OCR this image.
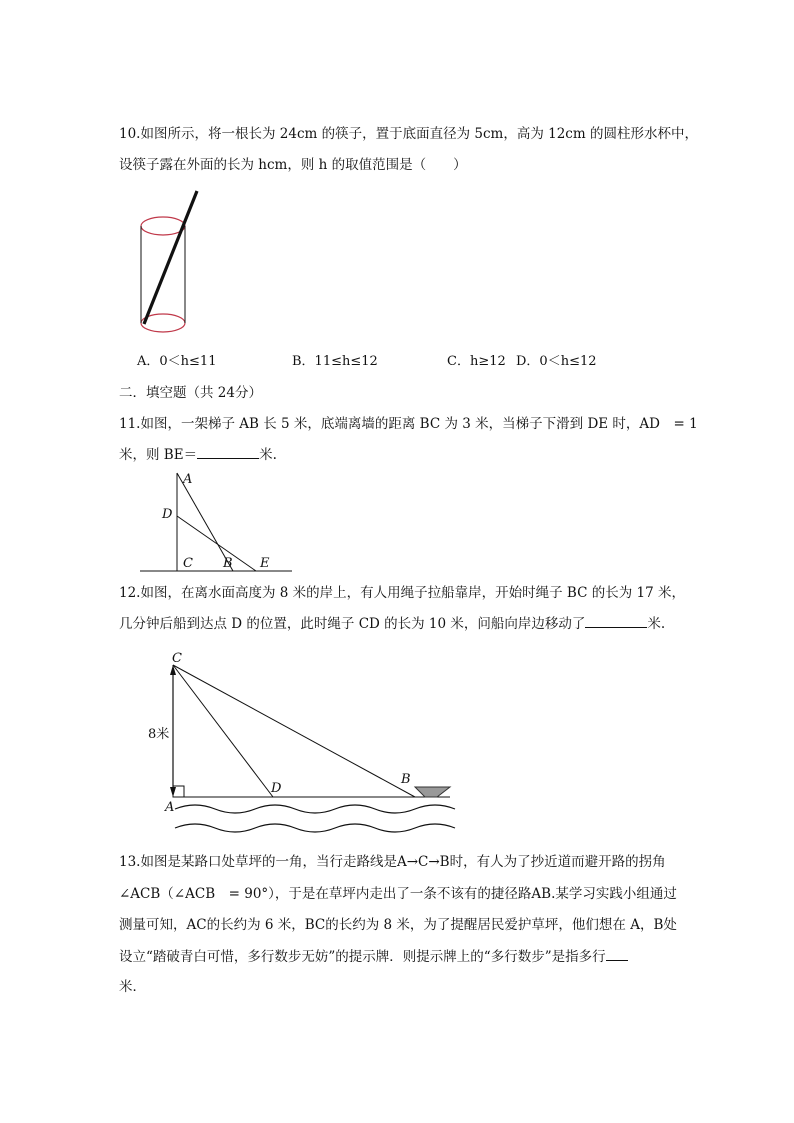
10.如图所示，将一根长为 24cm 的筷子，置于底面直径为 5cm，高为 12cm 的圆柱形水杯中，
设筷子露在外面的长为 hcm，则 h 的取值范围是（　　）
A．0＜h≤11	B．11≤h≤12	C．h≥12 D．0＜h≤12
二．填空题（共 24分）
11.如图，一架梯子 AB 长 5 米，底端离墙的距离 BC 为 3 米，当梯子下滑到 DE 时，AD　= 1
米，则 BE＝	米.
A
D
C B E
12.如图，在离水面高度为 8 米的岸上，有人用绳子拉船靠岸，开始时绳子 BC 的长为 17 米，
几分钟后船到达点 D 的位置，此时绳子 CD 的长为 10 米，问船向岸边移动了	米.
C
A
D
B
8米
13.如图是某路口处草坪的一角，当行走路线是A→C→B时，有人为了抄近道而避开路的拐角
∠ACB（∠ACB　= 90°），于是在草坪内走出了一条不该有的捷径路AB.某学习实践小组通过
测量可知，AC的长约为 6 米，BC的长约为 8 米，为了提醒居民爱护草坪，他们想在 A，B处
设立“踏破青白可惜，多行数步无妨”的提示牌．则提示牌上的“多行数步”是指多行
米．
